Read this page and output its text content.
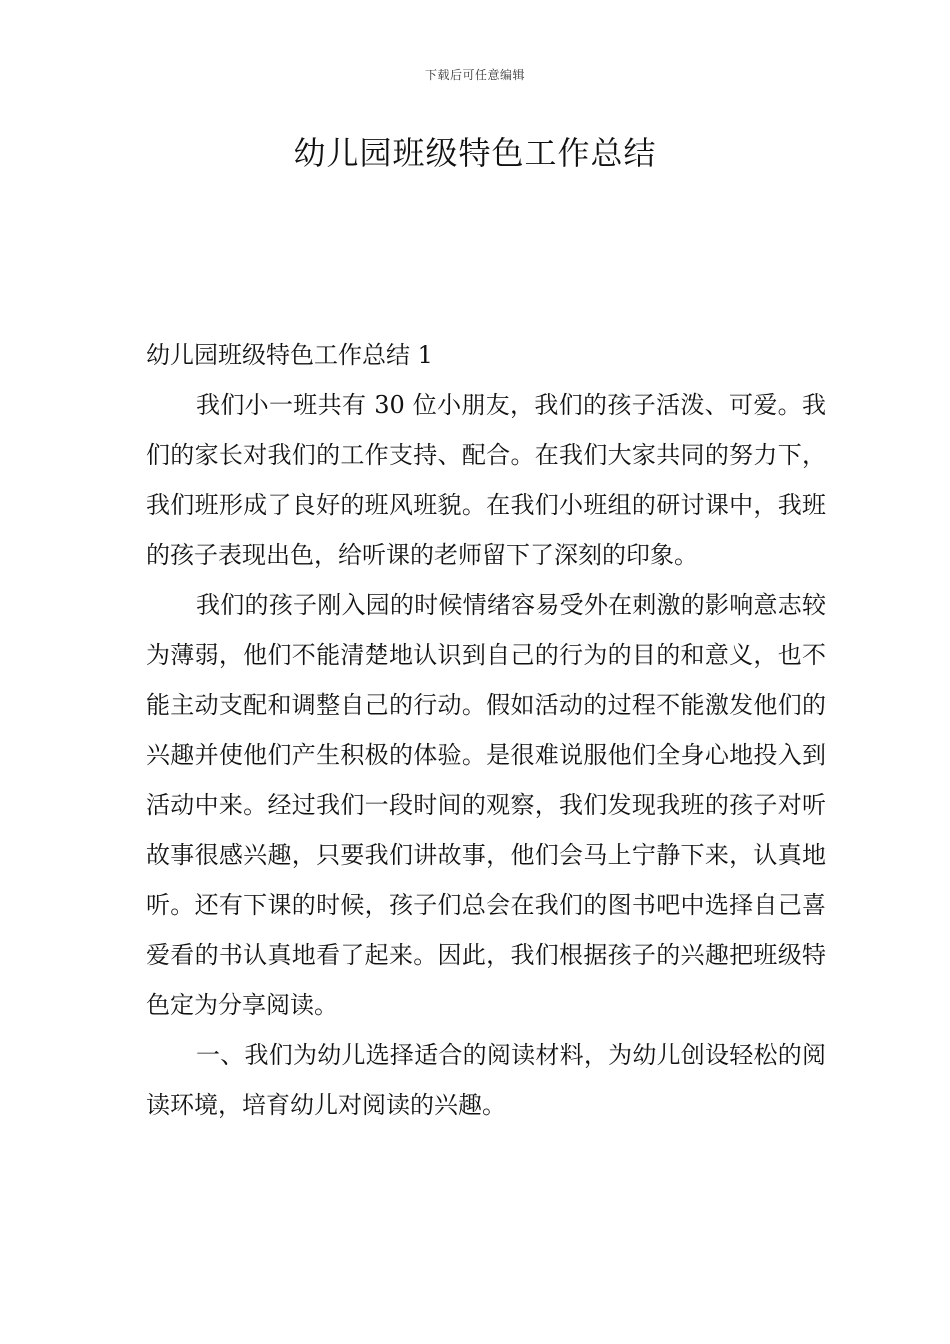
下载后可任意编辑
幼儿园班级特色工作总结

幼儿园班级特色工作总结 1

我们小一班共有 30 位小朋友，我们的孩子活泼、可爱。我们的家长对我们的工作支持、配合。在我们大家共同的努力下，我们班形成了良好的班风班貌。在我们小班组的研讨课中，我班的孩子表现出色，给听课的老师留下了深刻的印象。

我们的孩子刚入园的时候情绪容易受外在刺激的影响意志较为薄弱，他们不能清楚地认识到自己的行为的目的和意义，也不能主动支配和调整自己的行动。假如活动的过程不能激发他们的兴趣并使他们产生积极的体验。是很难说服他们全身心地投入到活动中来。经过我们一段时间的观察，我们发现我班的孩子对听故事很感兴趣，只要我们讲故事，他们会马上宁静下来，认真地听。还有下课的时候，孩子们总会在我们的图书吧中选择自己喜爱看的书认真地看了起来。因此，我们根据孩子的兴趣把班级特色定为分享阅读。

一、我们为幼儿选择适合的阅读材料，为幼儿创设轻松的阅读环境，培育幼儿对阅读的兴趣。
